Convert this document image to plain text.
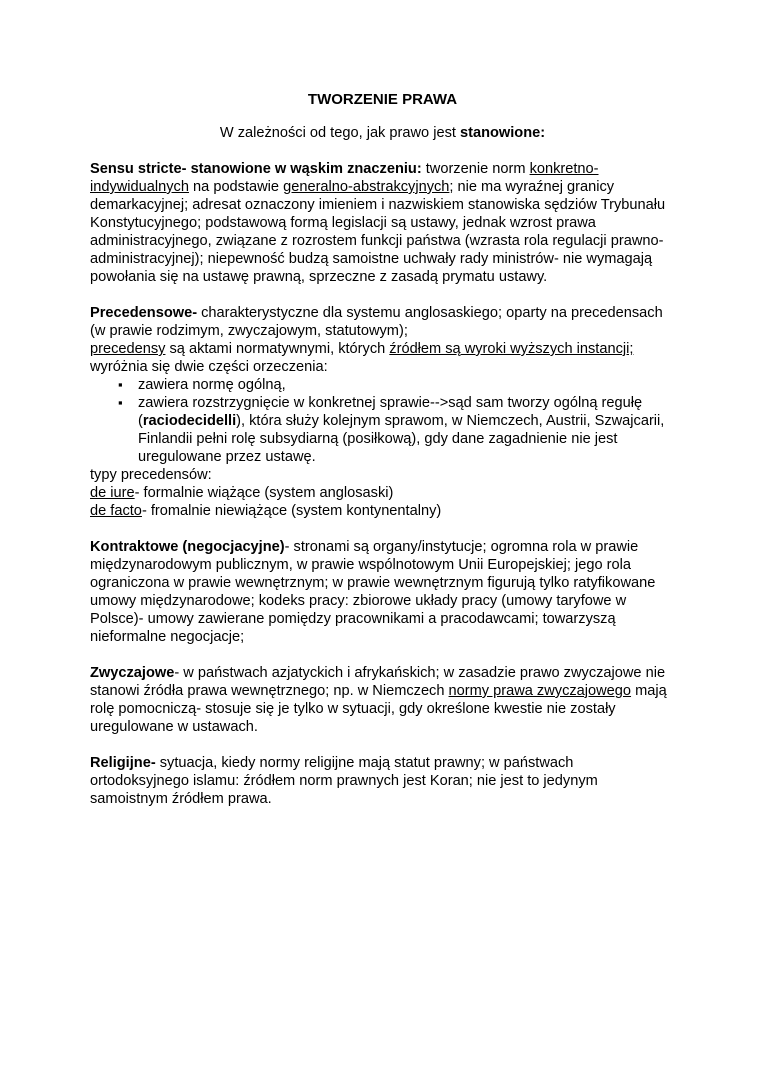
TWORZENIE PRAWA
W zależności od tego, jak prawo jest stanowione:
Sensu stricte- stanowione w wąskim znaczeniu: tworzenie norm konkretno-indywidualnych na podstawie generalno-abstrakcyjnych; nie ma wyraźnej granicy demarkacyjnej; adresat oznaczony imieniem i nazwiskiem stanowiska sędziów Trybunału Konstytucyjnego; podstawową formą legislacji są ustawy, jednak wzrost prawa administracyjnego, związane z rozrostem funkcji państwa (wzrasta rola regulacji prawno-administracyjnej); niepewność budzą samoistne uchwały rady ministrów- nie wymagają powołania się na ustawę prawną, sprzeczne z zasadą prymatu ustawy.
Precedensowe- charakterystyczne dla systemu anglosaskiego; oparty na precedensach (w prawie rodzimym, zwyczajowym, statutowym);
precedensy są aktami normatywnymi, których źródłem są wyroki wyższych instancji;
wyróżnia się dwie części orzeczenia:
▪ zawiera normę ogólną,
▪ zawiera rozstrzygnięcie w konkretnej sprawie-->sąd sam tworzy ogólną regułę (raciodecidelli), która służy kolejnym sprawom, w Niemczech, Austrii, Szwajcarii, Finlandii pełni rolę subsydiarną (posiłkową), gdy dane zagadnienie nie jest uregulowane przez ustawę.
typy precedensów:
de iure- formalnie wiążące (system anglosaski)
de facto- fromalnie niewiążące (system kontynentalny)
Kontraktowe (negocjacyjne)- stronami są organy/instytucje; ogromna rola w prawie międzynarodowym publicznym, w prawie wspólnotowym Unii Europejskiej; jego rola ograniczona w prawie wewnętrznym; w prawie wewnętrznym figurują tylko ratyfikowane umowy międzynarodowe; kodeks pracy: zbiorowe układy pracy (umowy taryfowe w Polsce)- umowy zawierane pomiędzy pracownikami a pracodawcami; towarzyszą nieformalne negocjacje;
Zwyczajowe- w państwach azjatyckich i afrykańskich; w zasadzie prawo zwyczajowe nie stanowi źródła prawa wewnętrznego; np. w Niemczech normy prawa zwyczajowego mają rolę pomocniczą- stosuje się je tylko w sytuacji, gdy określone kwestie nie zostały uregulowane w ustawach.
Religijne- sytuacja, kiedy normy religijne mają statut prawny; w państwach ortodoksyjnego islamu: źródłem norm prawnych jest Koran; nie jest to jedynym samoistnym źródłem prawa.
